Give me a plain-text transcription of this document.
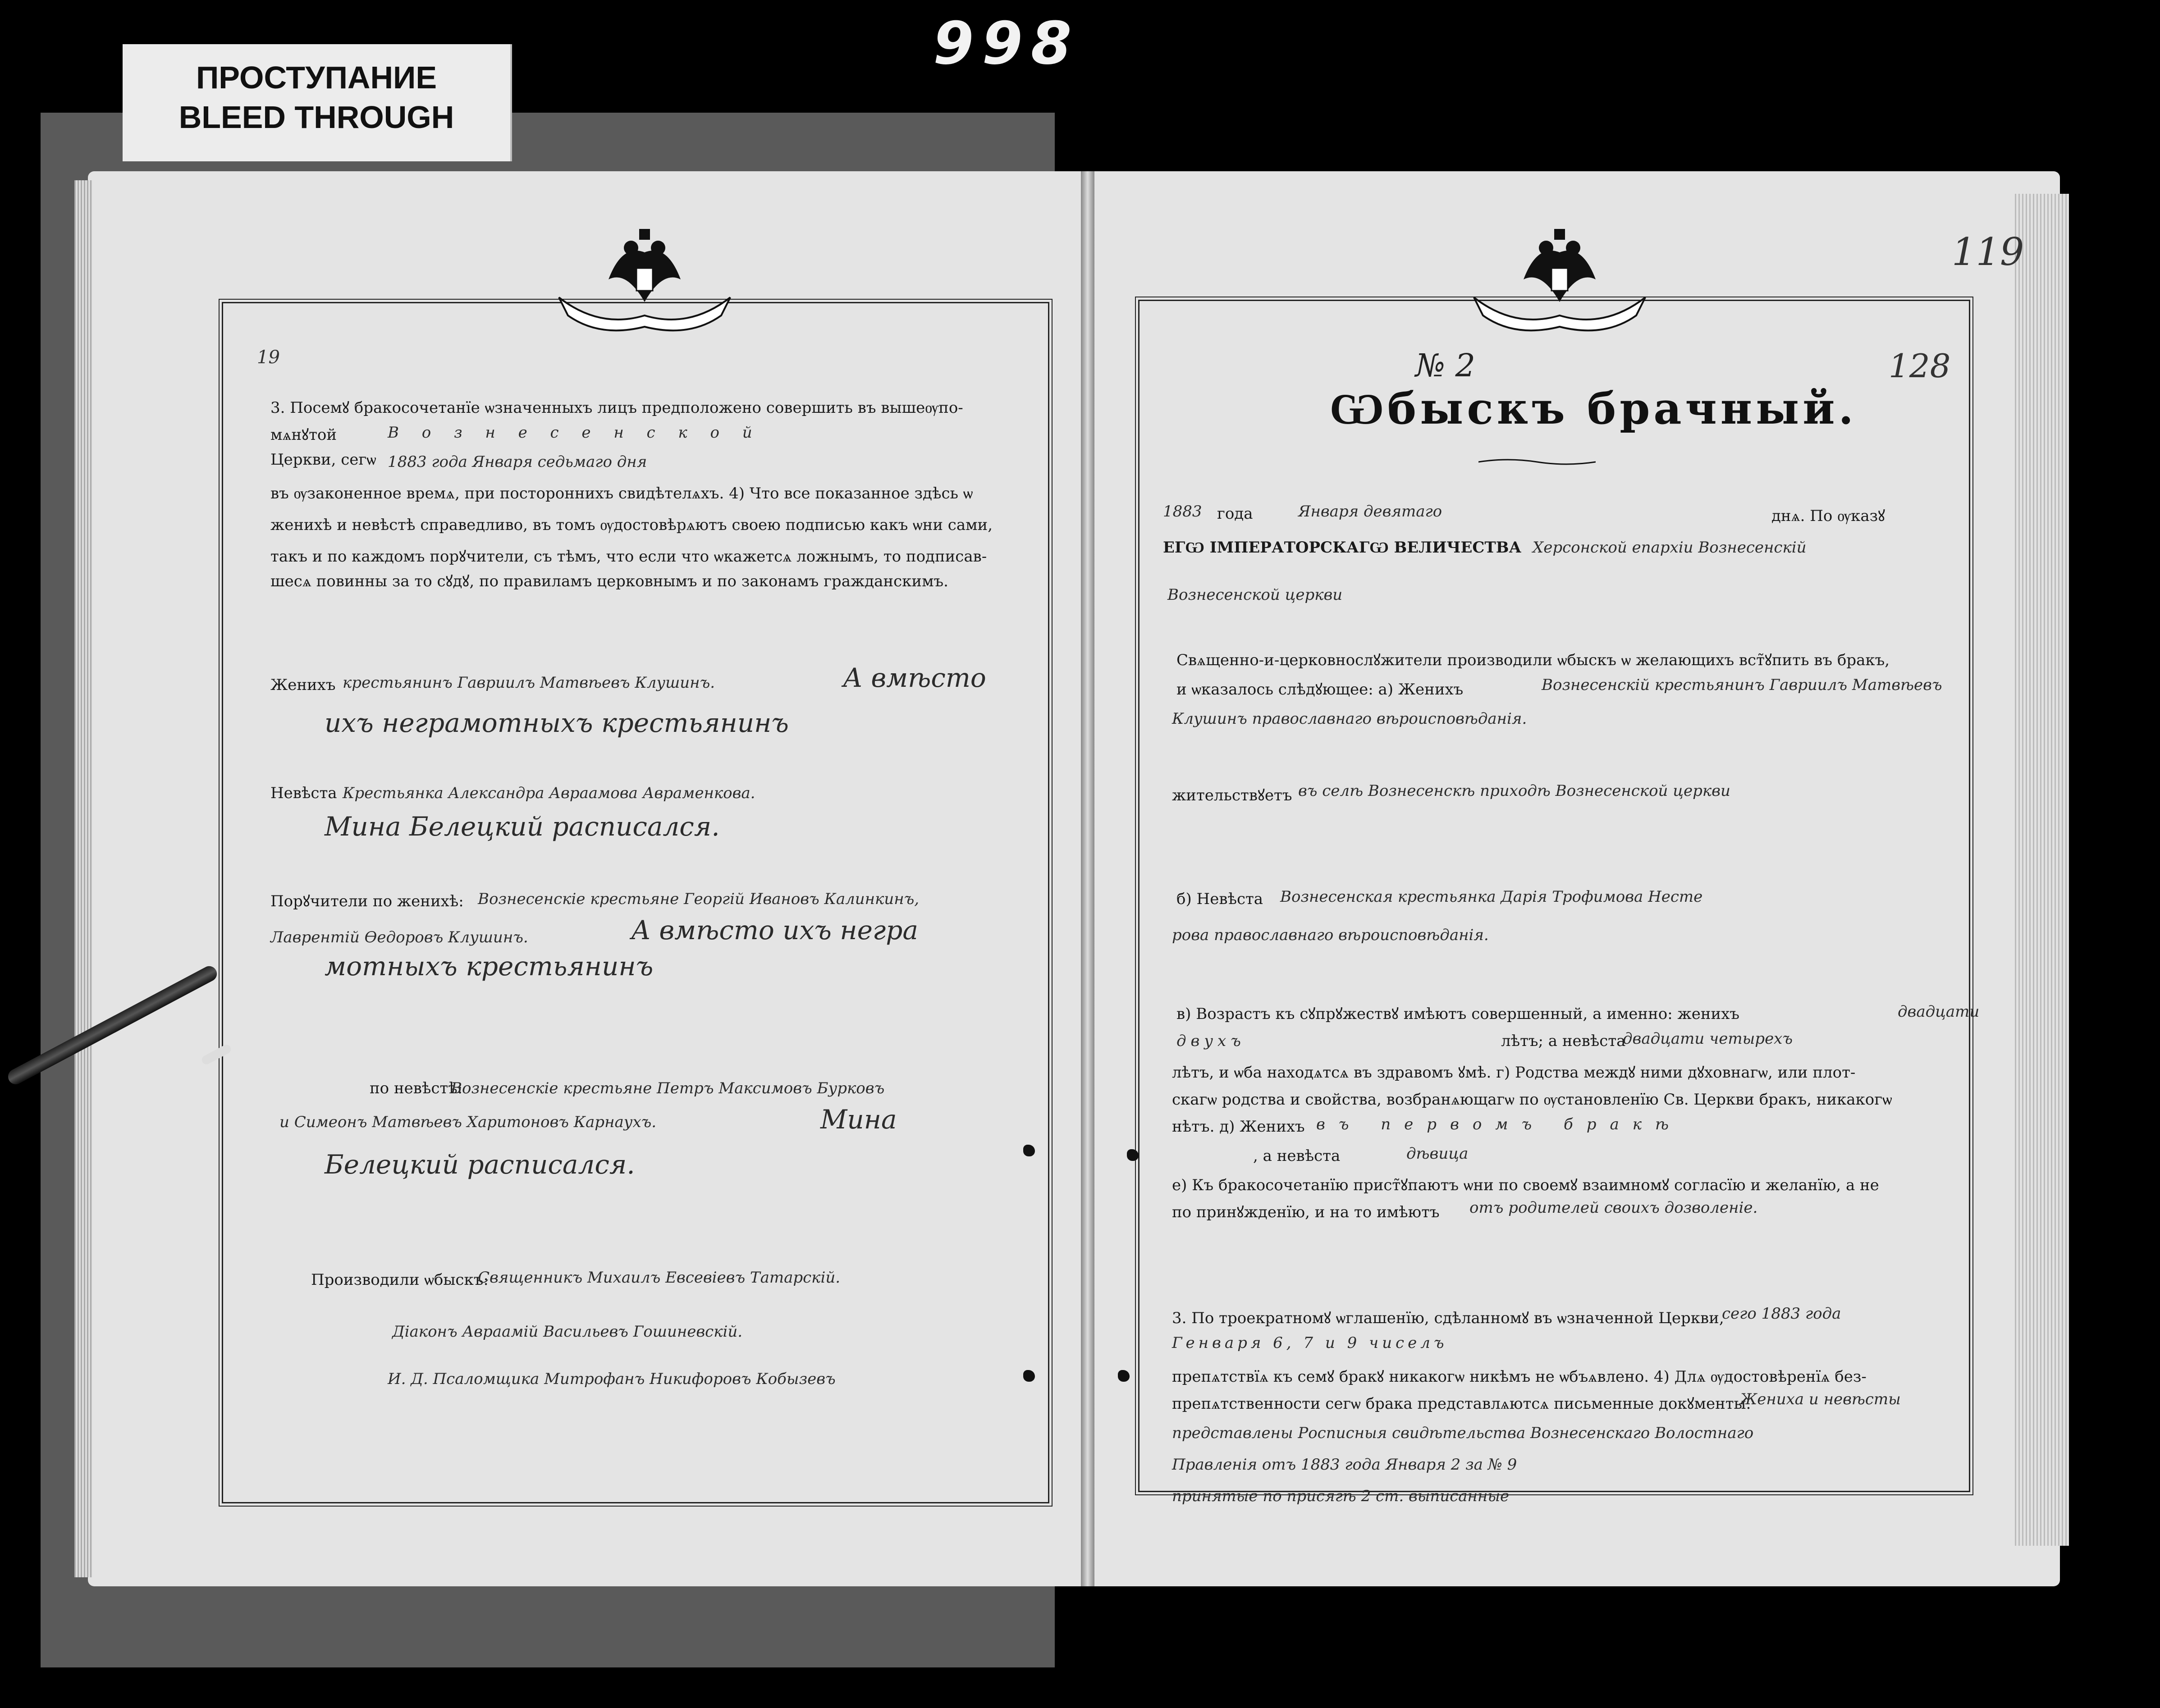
998
ПРОСТУПАНИЕ
BLEED THROUGH
19
3. Посемꙋ бракосочетанїе ѡзначенныхъ лицъ предположено совершить въ вышеѹпо-
мѧнꙋтой	В о з н е с е н с к о й
Церкви, сегѡ 1883 года Января седьмаго дня
въ ѹзаконенное времѧ, при постороннихъ свидѣтелѧхъ. 4) Что все показанное здѣсь ѡ
женихѣ и невѣстѣ справедливо, въ томъ ѹдостовѣрѧютъ своею подписью какъ ѡни сами,
такъ и по каждомъ порꙋчители, съ тѣмъ, что если что ѡкажетсѧ ложнымъ, то подписав-
шесѧ повинны за то сꙋдꙋ, по правиламъ церковнымъ и по законамъ гражданскимъ.
Женихъ крестьянинъ Гавриилъ Матвѣевъ Клушинъ.	А вмѣсто
ихъ неграмотныхъ крестьянинъ
Невѣста Крестьянка Александра Авраамова Авраменкова.
Мина Белецкий расписался.
Порꙋчители по женихѣ: Вознесенскiе крестьяне Георгiй Ивановъ Калинкинъ,
Лаврентiй Ѳедоровъ Клушинъ.	А вмѣсто ихъ негра
мотныхъ крестьянинъ
по невѣстѣ:
Вознесенскiе крестьяне Петръ Максимовъ Бурковъ
и Симеонъ Матвѣевъ Харитоновъ Карнаухъ.	Мина
Белецкий расписался.
Производили ѡбыскъ:
Священникъ Михаилъ Евсевiевъ Татарскiй.
Дiаконъ Авраамiй Васильевъ Гошиневскiй.
И. Д. Псаломщика Митрофанъ Никифоровъ Кобызевъ
119
№ 2	128
Ѡбыскъ брачный.
1883 года	Января девятаго	днѧ. По ѹказꙋ
ЕГѠ ІМПЕРАТОРСКАГѠ ВЕЛИЧЕСТВА Херсонской епархiи Вознесенскiй
Вознесенской церкви
Свѧщенно-и-церковнослꙋжители производили ѡбыскъ ѡ желающихъ вст̃ꙋпить въ бракъ,
и ѡказалось слѣдꙋющее: а) Женихъ	Вознесенскiй крестьянинъ Гавриилъ Матвѣевъ
Клушинъ православнаго вѣроисповѣданiя.
жительствꙋетъ въ селѣ Вознесенскѣ приходѣ Вознесенской церкви
б) Невѣста Вознесенская крестьянка Дарiя Трофимова Несте
рова православнаго вѣроисповѣданiя.
в) Возрастъ къ сꙋпрꙋжествꙋ имѣютъ совершенный, а именно: женихъ	двадцати
двухъ	лѣтъ; а невѣста
двадцати четырехъ
лѣтъ, и ѡба находѧтсѧ въ здравомъ ꙋмѣ. г) Родства междꙋ ними дꙋховнагѡ, или плот-
скагѡ родства и свойства, возбранѧющагѡ по ѹстановленїю Св. Церкви бракъ, никакогѡ
нѣтъ. д) Женихъ въ первомъ бракѣ
, а невѣста	дѣвица
е) Къ бракосочетанїю прист̃ꙋпаютъ ѡни по своемꙋ взаимномꙋ согласїю и желанїю, а не
по принꙋжденїю, и на то имѣютъ отъ родителей своихъ дозволенiе.
3. По троекратномꙋ ѡглашенїю, сдѣланномꙋ въ ѡзначенной Церкви,
сего 1883 года
Генваря 6, 7 и 9 чиселъ
препѧтствїѧ къ семꙋ бракꙋ никакогѡ никѣмъ не ѡбъѧвлено. 4) Длѧ ѹдостовѣренїѧ без-
препѧтственности сегѡ брака представлѧютсѧ письменные докꙋменты.
Жениха и невѣсты
представлены Росписныя свидѣтельства Вознесенскаго Волостнаго
Правленiя отъ 1883 года Января 2 за № 9
принятые по присягѣ 2 ст. выписанные
